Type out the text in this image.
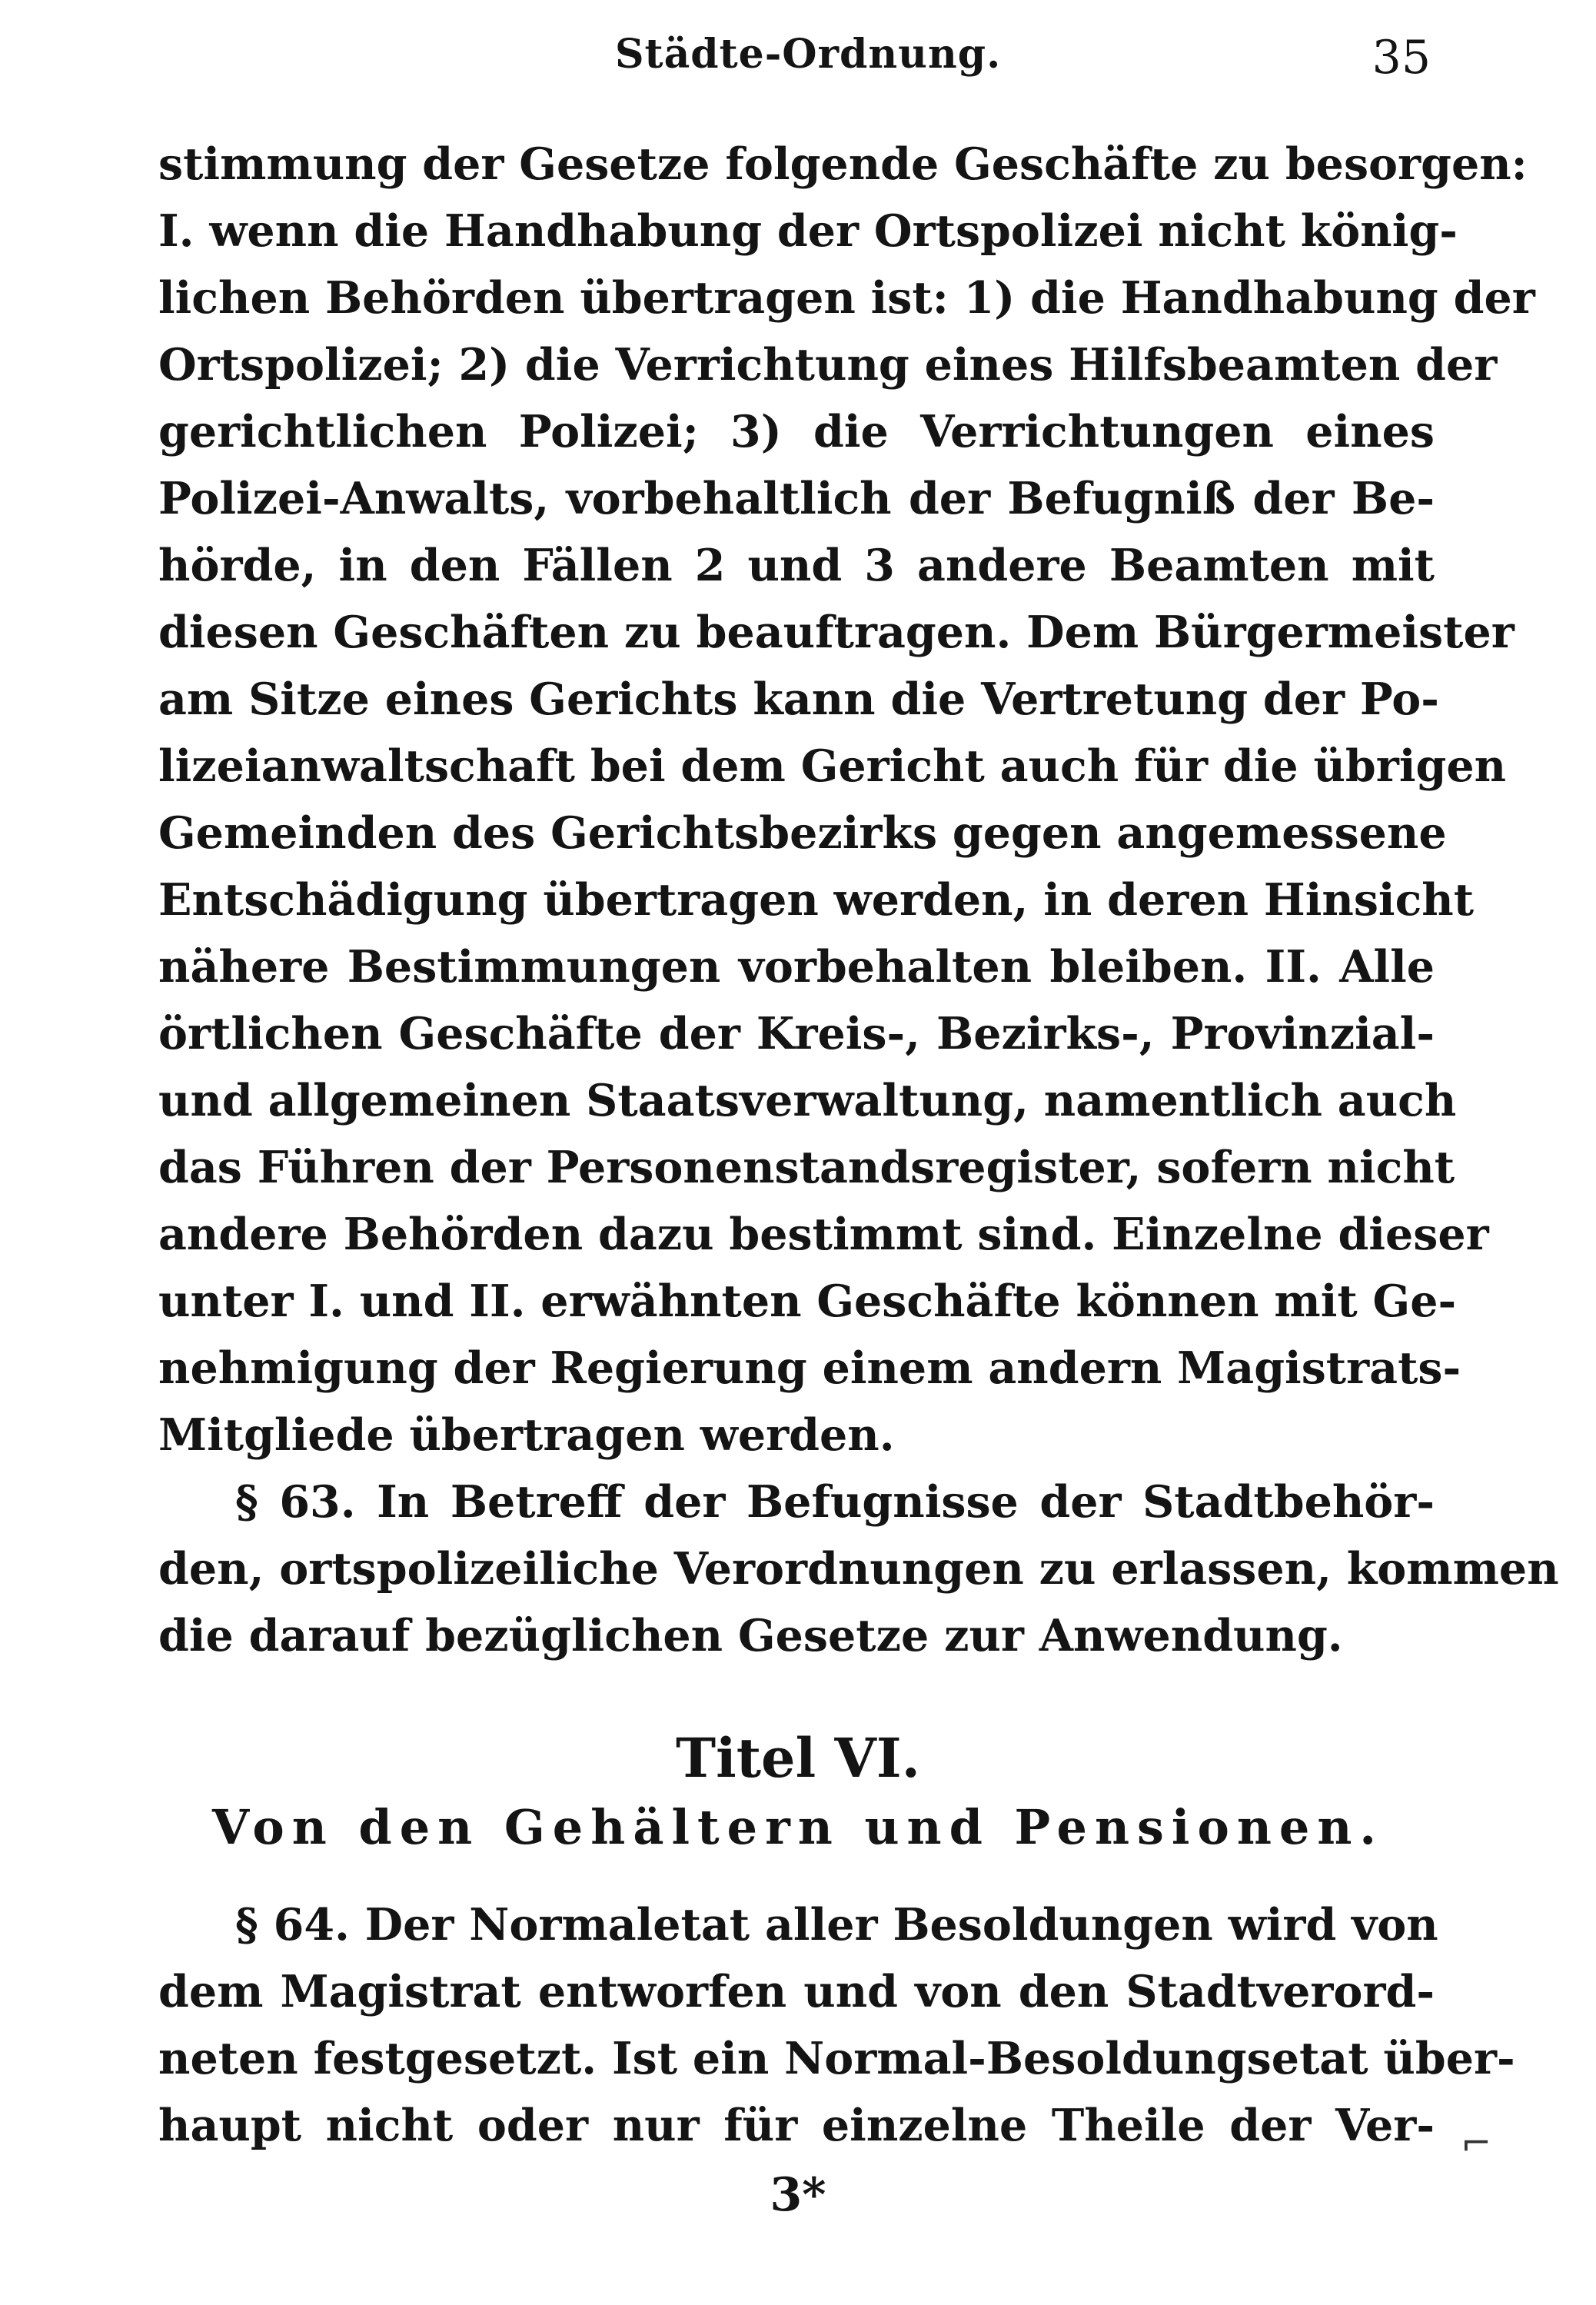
Städte-Ordnung.	35
stimmung der Gesetze folgende Geschäfte zu besorgen:
I. wenn die Handhabung der Ortspolizei nicht könig-
lichen Behörden übertragen ist: 1) die Handhabung der
Ortspolizei; 2) die Verrichtung eines Hilfsbeamten der
gerichtlichen Polizei; 3) die Verrichtungen eines
Polizei-Anwalts, vorbehaltlich der Befugniß der Be-
hörde, in den Fällen 2 und 3 andere Beamten mit
diesen Geschäften zu beauftragen. Dem Bürgermeister
am Sitze eines Gerichts kann die Vertretung der Po-
lizeianwaltschaft bei dem Gericht auch für die übrigen
Gemeinden des Gerichtsbezirks gegen angemessene
Entschädigung übertragen werden, in deren Hinsicht
nähere Bestimmungen vorbehalten bleiben. II. Alle
örtlichen Geschäfte der Kreis-, Bezirks-, Provinzial-
und allgemeinen Staatsverwaltung, namentlich auch
das Führen der Personenstandsregister, sofern nicht
andere Behörden dazu bestimmt sind. Einzelne dieser
unter I. und II. erwähnten Geschäfte können mit Ge-
nehmigung der Regierung einem andern Magistrats-
Mitgliede übertragen werden.
§ 63. In Betreff der Befugnisse der Stadtbehör-
den, ortspolizeiliche Verordnungen zu erlassen, kommen
die darauf bezüglichen Gesetze zur Anwendung.
Titel VI.
Von den Gehältern und Pensionen.
§ 64. Der Normaletat aller Besoldungen wird von
dem Magistrat entworfen und von den Stadtverord-
neten festgesetzt. Ist ein Normal-Besoldungsetat über-
haupt nicht oder nur für einzelne Theile der Ver- ⌐
3*
